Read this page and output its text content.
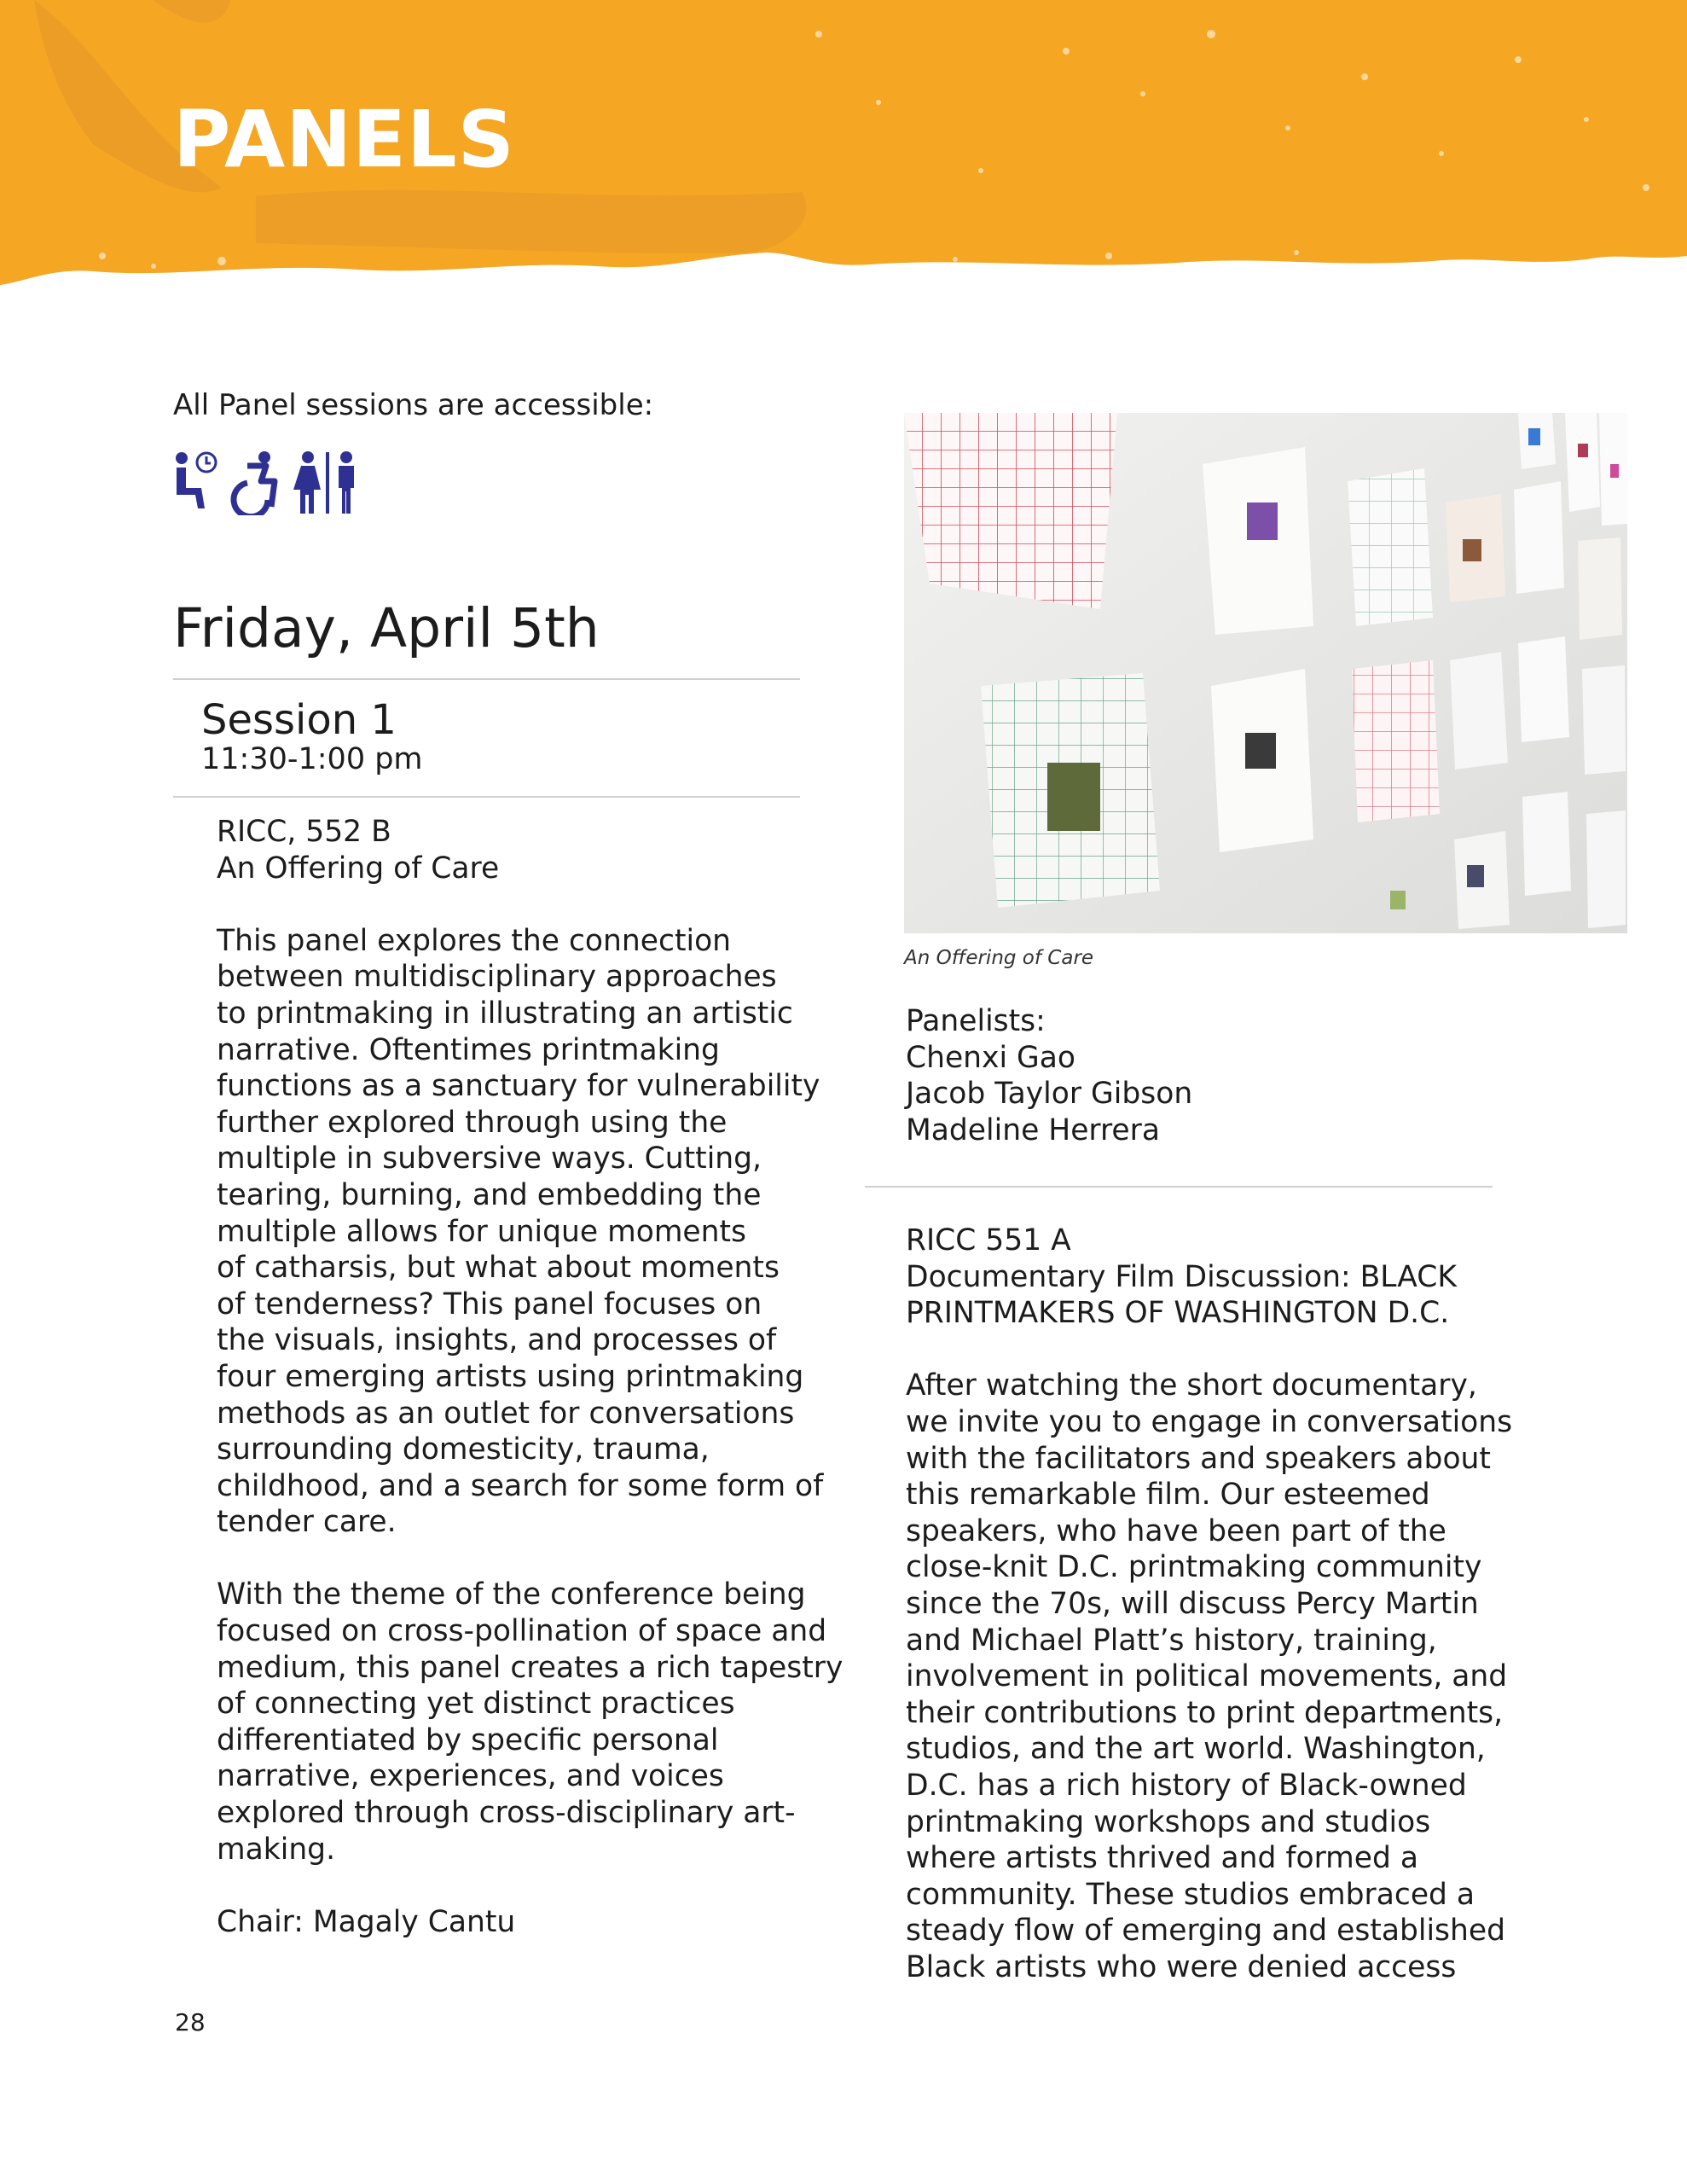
PANELS
All Panel sessions are accessible:
Friday, April 5th
Session 1
11:30-1:00 pm

RICC, 552 B

An Offering of Care

This panel explores the connection

between multidisciplinary approaches

to printmaking in illustrating an artistic

narrative. Oftentimes printmaking

functions as a sanctuary for vulnerability

further explored through using the

multiple in subversive ways. Cutting,

tearing, burning, and embedding the

multiple allows for unique moments

of catharsis, but what about moments

of tenderness? This panel focuses on

the visuals, insights, and processes of

four emerging artists using printmaking

methods as an outlet for conversations

surrounding domesticity, trauma,

childhood, and a search for some form of

tender care.

With the theme of the conference being

focused on cross-pollination of space and

medium, this panel creates a rich tapestry

of connecting yet distinct practices

differentiated by specific personal

narrative, experiences, and voices

explored through cross-disciplinary art-

making.

Chair: Magaly Cantu

An Offering of Care

Panelists:

Chenxi Gao

Jacob Taylor Gibson

Madeline Herrera

RICC 551 A

Documentary Film Discussion: BLACK

PRINTMAKERS OF WASHINGTON D.C.

After watching the short documentary,

we invite you to engage in conversations

with the facilitators and speakers about

this remarkable film. Our esteemed

speakers, who have been part of the

close-knit D.C. printmaking community

since the 70s, will discuss Percy Martin

and Michael Platt’s history, training,

involvement in political movements, and

their contributions to print departments,

studios, and the art world. Washington,

D.C. has a rich history of Black-owned

printmaking workshops and studios

where artists thrived and formed a

community. These studios embraced a

steady flow of emerging and established

Black artists who were denied access

28
